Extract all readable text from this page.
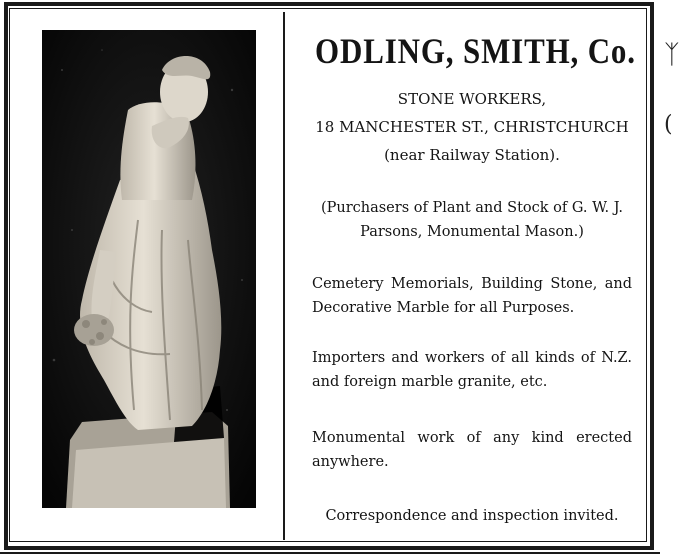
ODLING, SMITH, Co.
STONE WORKERS,
18 MANCHESTER ST., CHRISTCHURCH
(near Railway Station).
(Purchasers of Plant and Stock of G. W. J. Parsons, Monumental Mason.)
Cemetery Memorials, Building Stone, and Decorative Marble for all Purposes.
Importers and workers of all kinds of N.Z. and foreign marble granite, etc.
Monumental work of any kind erected anywhere.
Correspondence and inspection invited.
ᛉ
(
